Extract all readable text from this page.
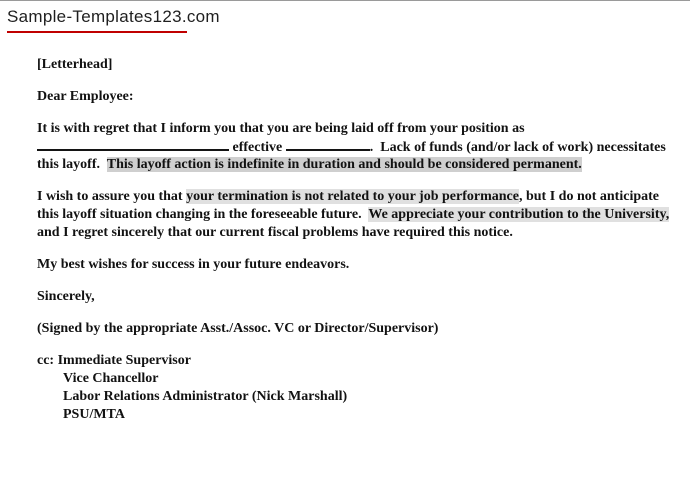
Sample-Templates123.com
[Letterhead]
Dear Employee:
It is with regret that I inform you that you are being laid off from your position as
effective	.  Lack of funds (and/or lack of work) necessitates
this layoff.  This layoff action is indefinite in duration and should be considered permanent.
I wish to assure you that your termination is not related to your job performance, but I do not anticipate
this layoff situation changing in the foreseeable future.  We appreciate your contribution to the University,
and I regret sincerely that our current fiscal problems have required this notice.
My best wishes for success in your future endeavors.
Sincerely,
(Signed by the appropriate Asst./Assoc. VC or Director/Supervisor)
cc: Immediate Supervisor
Vice Chancellor
Labor Relations Administrator (Nick Marshall)
PSU/MTA
